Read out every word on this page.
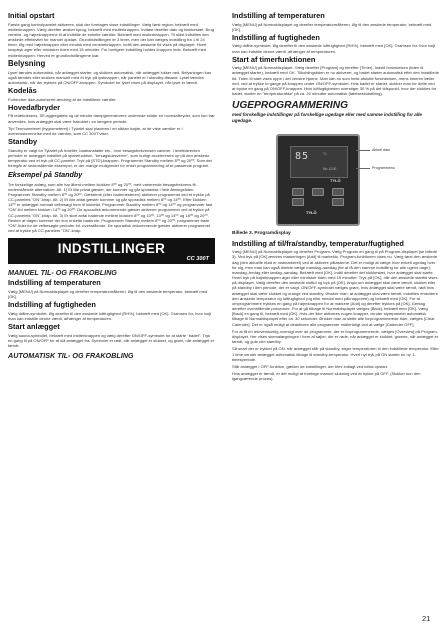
Initial opstart

Første gang kontrolpanelet aktiveres, skal der foretages visse indstillinger. Vælg først region, bekræft med midterknappen. Vælg derefter ønsket sprog, bekræft med midterknappen. Indtast derefter dato og klokkeslæt. Brug venstre- og højreknapperne til at indstille de enkelte værdier. Bekræft med midterknappen. Til sidst indstilles den ønskede effektivitet for manuel opstart. Grundindstillingen er 3 timer, men der kan vælges indstilling fra 1 til 24 timer. Øg med højreknappen eller mindsk med venstreknappen, indtil den ønskede tid vises på displayet. Hvert knaptryk øger eller mindsker tiden med 15 minutter. For hurtigere indstilling holdes knappen inde. Bekræft med midterknappen. Herved er grundindstillingerne klar.

Belysning

Lyset tændes automatisk, når anlægget starter, og slukkes automatisk, når anlægget lukker ned. Belysningen kan også tændes eller slukkes manuelt med et tryk på lysknappen, når panelet er i standby-tilstand. Lyset tændes automatisk, når der trykkes på ON/OFF-knappen. Symbolet for lyset vises på displayet, når lyset er tændt.

Kodelås

Forhindrer ikke-autoriseret ændring af de indstillede værdier.

Hovedafbryder

På relæboksens, SE-aggregatets og de mindre dampgeneratorers underside sidder en hovedafbryder, som kun bør anvendes, hvis anlægget skal være frakoblet i en længere periode.

Tip! Termometeret (hygrometeret) i Tylarlet skal placeres i en sådan højde, at de viste værdier er i overensstemmelse med de værdier, som CC 300T viser.

Standby

Standby er valgt for Tylarlet på hoteller, badeanstalter etc., hvor besøgsfrekvensen varierer. I levetidsrenten perioder er anlægget indstillet på sparefunktion, "besøgsluksverne", som hurtigt accelererers op på den ønskede temperatur ved et tryk på CC-panelet. Tryk på [STD]-knappen. Programmér Standby mellem 8⁰⁰ og 20⁰⁰. Som det fremgår af nedenstående eksempel, er der mange muligheder for enkel programmering af et passende program.

Eksempel på Standby

Tre forskellige anlæg, som alle har åbent mellem klokken 8⁰⁰ og 20⁰⁰, med varierende besøgsfrekvens fit. nedenstående alternativer. Alt. 1) Et lille privat gæster, der kommer og går sporadisk i hele åbningstiden. Programmér Standby mellem 8⁰⁰ og 20⁰⁰. Gæsterne (eller bademesteren) aktiverer programmet ved et trykke på CC-panelets "ON"-knap. Alt. 2) Et lille antal gæster kommer og går sporadisk mellem 8⁰⁰ og 14⁰⁰. Efter klokken 14⁰⁰ er anlægget normalt velbesøgt frem til lukketid. Programmér Standby mellem 8⁰⁰ og 14⁰⁰ og programmér fast "ON"-tid mellem klokken 14⁰⁰ og 20⁰⁰. De sporadisk ankommende gæster aktiverer programmet ved at trykke på CC-panelets "ON"-knap. Alt. 3) Et stort antal badende mellem klokken 8⁰⁰ og 10⁰⁰, 13⁰⁰ og 14⁰⁰ og 18⁰⁰ og 20⁰⁰. Resten af dagen kommer der kun enkelte badende. Programmér Standby mellem 8⁰⁰ og 20⁰⁰, programmér faste "ON"-tider for de velbesøgte perioder iht. ovenstående. De sporadisk ankommende gæster aktiverer programmet ved at trykke på CC-panelets "ON"-knap.

INDSTILLINGER
CC 300T
MANUEL TIL- OG FRAKOBLING
Indstilling af temperaturen

Vælg [MENU] på Normaldisplayet og derefter temperaturmålteren. Øg til den ønskede temperatur, bekræft med [OK].

Indstilling af fugtigheden

Vælg dråbe-symbolet. Øg derefter til den ønskede luftfugtighed (RH%), bekræft med [OK]. Gramsen for, hvor højt man kan indstille denne værdi, afhænger af temperaturen.

Start anlægget

Vælg sauna-symbolet, bekræft med midterknappen og vælg derefter ON/OFF-symbolet for at starte "badet". Tryk én gang til på ON/OFF for at slå anlægget fra. Symbolet er rødt, når anlægget er slukket, og grønt, når anlægget er tændt.

AUTOMATISK TIL- OG FRAKOBLING
Indstilling af temperaturen

Vælg [MENU] på Normaldisplayet og derefter temperaturmålteren. Øg til den ønskede temperatur, bekræft med [OK].

Indstilling af fugtigheden

Vælg dråbe-symbolet. Øg derefter til den ønskede luftfugtighed (RH%), bekræft med [OK]. Gramsen for, hvor højt man kan indstille denne værdi, afhænger af temperaturen.

Start af timerfunktionen

Vælg [MENU] på Normaldisplayet. Vælg derefter [Program] og herefter [Timer]. Indstil forsinkelsen (tiden til anlægget starter), bekræft med OK. Tilkoblingstiden er nu aktiveret, og badet starter automatisk efter den indstillede tid. Tiden til start vises oppe i det venstre hjørne. Man kan nu som helst afslutte forsinkelsen, mens timeren tæller ned, ved at trykke to gange på knappen under ON/OFF-symbolet. Hvis badet er startet, slukker man for dette ved at trykke en gang på ON/OFF-knappen. Hvis luftfugtigheden overstiger 30 % på det tidspunkt, hvor der slukkes for badet, starter en "temperaturafdø" på ca. 20 minutter automatisk (følelsesindstilling).

UGEPROGRAMMERING
med forskellige indstillinger på forskellige ugedage eller med samme indstilling for alle ugedage.
85	°C
Mo 12:00
TYLÖ
TYLÖ
Aktuel dato
Programmenu
Billede 3. Programdisplay
Indstilling af til/fra/standby, temperatur/fugtighed

Vælg [MENU] på Normaldisplayet og derefter Program. Vælg Program en gang til på Program-displayet (se billede 3). Ved tryk på [OK] ændres markeringen [Add] til markeklo. Program-funktionen vises nu. Vælg først den ønskede dag (den aktuelle blød er rødmarkeret) ved at aktivere påtasterne. Det er muligt at vælge hver enkelt ugedag hver for sig, men man kan også direkte vælge mandag–søndag (for at få den samme indstilling for alle ugens dage), mandag–fredag eller lørdag–søndag. Bekræft med [OK]. Indtil derefter det klokkeslæt, hvor anlægget skal starte. Hvert tryk på højreknappen øger eller mindsker tiden med 15 minutter. Tryk på [OK], når den ønskede starttid vises på displayet. Vælg derefter den ønskede sluttid og tryk på [OK]. Angiv om anlægget skal være tændt, slukket eller på standby i den periode, der er valgt. ON/OFF-symbolet vælges grønt, hvis anlægget skal være tændt, rødt hvis anlægget skal være slukket og orange ved standby. Ønsker man, at anlægget skal være tændt, indstilles endvidere den ønskede temperatur og luftfugtighed (og eller minddi med påknappome) og bekræft med [OK]. For at omprogrammere trykkes en gang på højreknappen for at markere [Add] og derefter trykkes på [OK]. Gentag derefter ovenstående procedure. For at gå tilbage til Normaldisplayet vælges [Back], bekræft med [OK]. Vælg [Back] en gang til, bekræft med [OK]. Hvis der ikke aktiveres nogen knapper, vender styrepanelet automatisk tilbage til Normaldisplayet efter ca. 30 sekunder. Ønsker man at slette alle forprogrammerede tider, vælges [Clear Calender]. Det er også muligt at deaktivere alle programmer midlertidigt ved at vælge [Calender OFF].

For at få en letoverskuelig oversigt over de programmer, der er forprogrammerede, vælges [Overview] på Program-displayet. Her vises skemalægningen i form af søjler, der er røde, når anlægget er slukket, grønne, når anlægget er tændt, og gule ved standby.

Så snart der er trykket på ON, når anlægget står på standby, stiger temperaturen til den indstillede temperatur. Efter 1 time vender anlægget automatisk tilbage til standby-temperatur. Hvert nyt tryk på ON starter en ny 1-timesperiode.

Står anlægget i OFF-funktion, gælder de indstillinger, der blev indlagt ved initial opstart.

Hvis anlægget er tændt, er det muligt at foretage manuel slukning ved at trykke på OFF. (Slukker kun den igangværende proces).

21
